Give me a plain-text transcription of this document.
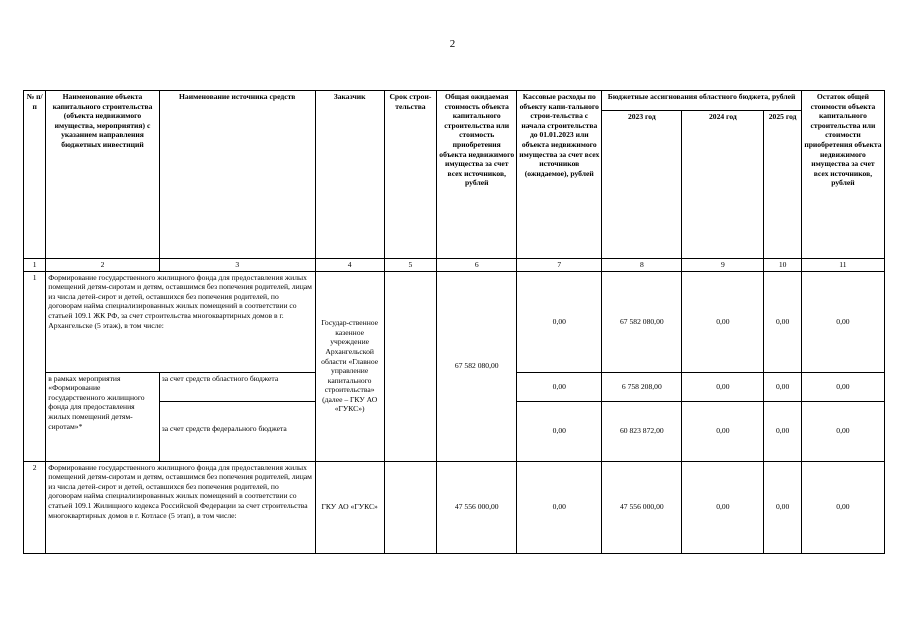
2
№ п/п	Наименование объекта капитального строительства (объекта недвижимого имущества, мероприятия) с указанием направления бюджетных инвестиций	Наименование источника средств	Заказчик	Срок строи-тельства	Общая ожидаемая стоимость объекта капитального строительства или стоимость приобретения объекта недвижимого имущества за счет всех источников, рублей	Кассовые расходы по объекту капи-тального строи-тельства с начала строительства до 01.01.2023 или объекта недвижимого имущества за счет всех источников (ожидаемое), рублей	Бюджетные ассигнования областного бюджета, рублей			Остаток общей стоимости объекта капитального строительства или стоимости приобретения объекта недвижимого имущества за счет всех источников, рублей
							2023 год	2024 год	2025 год	
1	2	3	4	5	6	7	8	9	10	11
1	Формирование государственного жилищного фонда для предоставления жилых помещений детям-сиротам и детям, оставшимся без попечения родителей, лицам из числа детей-сирот и детей, оставшихся без попечения родителей, по договорам найма специализированных жилых помещений в соответствии со статьей 109.1 ЖК РФ, за счет строительства многоквартирных домов в г. Архангельске (5 этаж), в том числе:		Государ-ственное казенное учреждение Архангельской области «Главное управление капитального строительства» (далее – ГКУ АО «ГУКС»)		67 582 080,00	0,00	67 582 080,00	0,00	0,00	0,00
	в рамках мероприятия «Формирование государственного жилищного фонда для предоставления жилых помещений детям-сиротам»*	за счет средств областного бюджета				0,00	6 758 208,00	0,00	0,00	0,00
		за счет средств федерального бюджета				0,00	60 823 872,00	0,00	0,00	0,00
2	Формирование государственного жилищного фонда для предоставления жилых помещений детям-сиротам и детям, оставшимся без попечения родителей, лицам из числа детей-сирот и детей, оставшихся без попечения родителей, по договорам найма специализированных жилых помещений в соответствии со статьей 109.1 Жилищного кодекса Российской Федерации за счет строительства многоквартирных домов в г. Котласе (5 этап), в том числе:		ГКУ АО «ГУКС»		47 556 000,00	0,00	47 556 000,00	0,00	0,00	0,00
